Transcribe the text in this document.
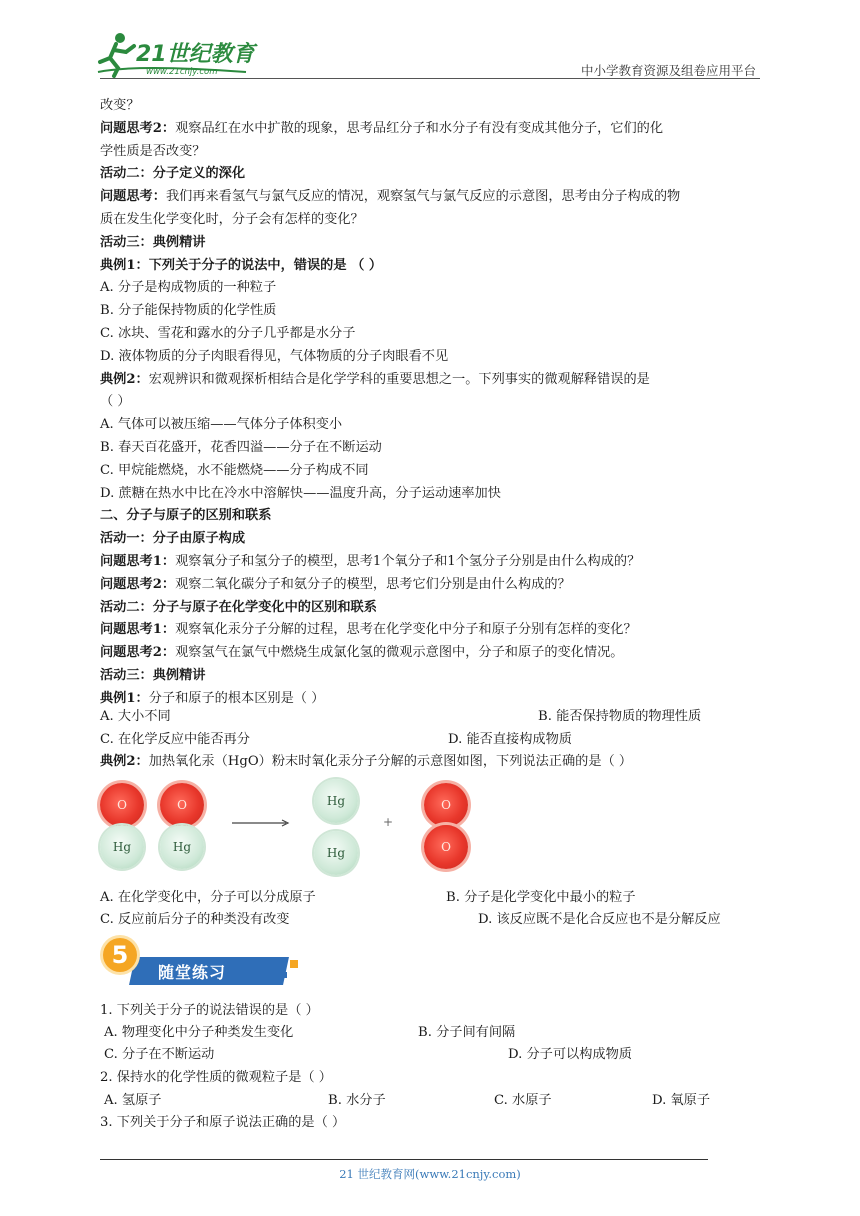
21世纪教育
www.21cnjy.com	中小学教育资源及组卷应用平台
改变？
问题思考2：观察品红在水中扩散的现象，思考品红分子和水分子有没有变成其他分子，它们的化
学性质是否改变？
活动二：分子定义的深化
问题思考：我们再来看氢气与氯气反应的情况，观察氢气与氯气反应的示意图，思考由分子构成的物
质在发生化学变化时，分子会有怎样的变化？
活动三：典例精讲
典例1：下列关于分子的说法中，错误的是 （ ）
A. 分子是构成物质的一种粒子
B. 分子能保持物质的化学性质
C. 冰块、雪花和露水的分子几乎都是水分子
D. 液体物质的分子肉眼看得见，气体物质的分子肉眼看不见
典例2：宏观辨识和微观探析相结合是化学学科的重要思想之一。下列事实的微观解释错误的是
（ ）
A. 气体可以被压缩——气体分子体积变小
B. 春天百花盛开，花香四溢——分子在不断运动
C. 甲烷能燃烧，水不能燃烧——分子构成不同
D. 蔗糖在热水中比在冷水中溶解快——温度升高，分子运动速率加快
二、分子与原子的区别和联系
活动一：分子由原子构成
问题思考1：观察氧分子和氢分子的模型，思考1个氧分子和1个氢分子分别是由什么构成的？
问题思考2：观察二氧化碳分子和氨分子的模型，思考它们分别是由什么构成的？
活动二：分子与原子在化学变化中的区别和联系
问题思考1：观察氧化汞分子分解的过程，思考在化学变化中分子和原子分别有怎样的变化？
问题思考2：观察氢气在氯气中燃烧生成氯化氢的微观示意图中，分子和原子的变化情况。
活动三：典例精讲
典例1：分子和原子的根本区别是（ ）
A. 大小不同	B. 能否保持物质的物理性质
C. 在化学反应中能否再分	D. 能否直接构成物质
典例2：加热氧化汞（HgO）粉末时氧化汞分子分解的示意图如图，下列说法正确的是（ ）
O
Hg
O
Hg
Hg
Hg
+
O
O
A. 在化学变化中，分子可以分成原子	B. 分子是化学变化中最小的粒子
C. 反应前后分子的种类没有改变	D. 该反应既不是化合反应也不是分解反应
5
随堂练习
1. 下列关于分子的说法错误的是（ ）
A. 物理变化中分子种类发生变化	B. 分子间有间隔
C. 分子在不断运动	D. 分子可以构成物质
2. 保持水的化学性质的微观粒子是（ ）
A. 氢原子	B. 水分子	C. 水原子	D. 氧原子
3. 下列关于分子和原子说法正确的是（ ）
21 世纪教育网(www.21cnjy.com)
